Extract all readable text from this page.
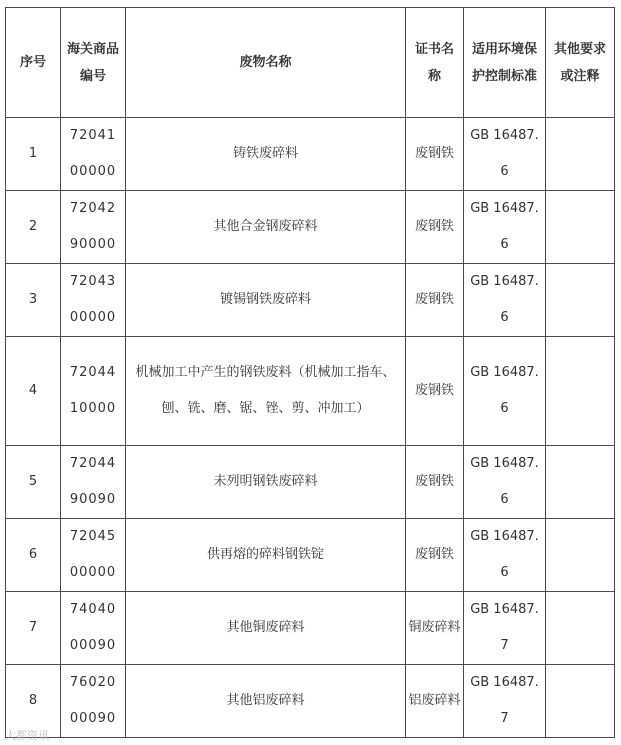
序号	海关商品编号	废物名称	证书名称	适用环境保护控制标准	其他要求或注释

1	7204100000	铸铁废碎料	废钢铁	GB 16487.6	

2	7204290000	其他合金钢废碎料	废钢铁	GB 16487.6	

3	7204300000	镀锡钢铁废碎料	废钢铁	GB 16487.6	

4	7204410000	机械加工中产生的钢铁废料（机械加工指车、刨、铣、磨、锯、锉、剪、冲加工）	废钢铁	GB 16487.6	

5	7204490090	未列明钢铁废碎料	废钢铁	GB 16487.6	

6	7204500000	供再熔的碎料钢铁锭	废钢铁	GB 16487.6	

7	7404000090	其他铜废碎料	铜废碎料	GB 16487.7	

8	7602000090	其他铝废碎料	铝废碎料	GB 16487.7	

大都资讯
